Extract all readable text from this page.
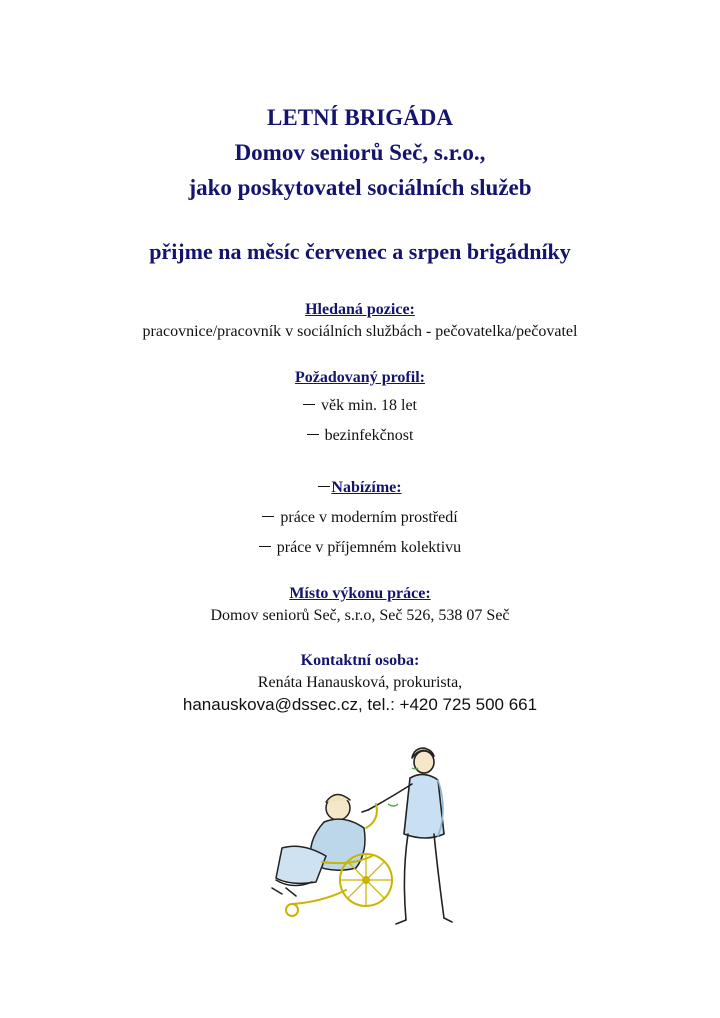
LETNÍ BRIGÁDA
Domov seniorů Seč, s.r.o.,
jako poskytovatel sociálních služeb
přijme na měsíc červenec a srpen brigádníky
Hledaná pozice:
pracovnice/pracovník v sociálních službách - pečovatelka/pečovatel
Požadovaný profil:
věk min. 18 let
bezinfekčnost
Nabízíme:
práce v moderním prostředí
práce v příjemném kolektivu
Místo výkonu práce:
Domov seniorů Seč, s.r.o, Seč 526, 538 07 Seč
Kontaktní osoba:
Renáta Hanausková, prokurista,
hanauskova@dssec.cz, tel.: +420 725 500 661
